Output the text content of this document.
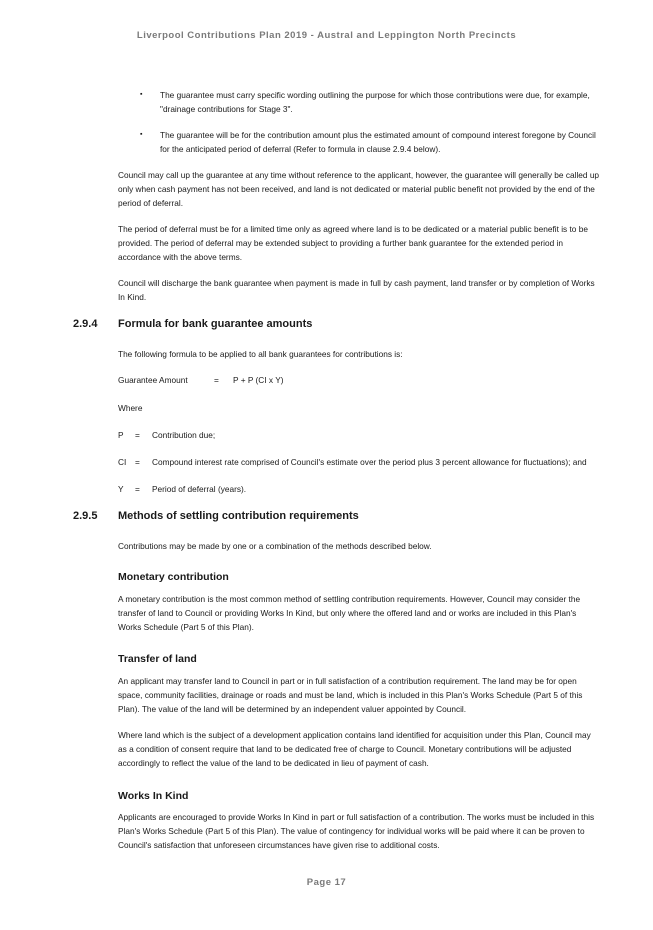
Liverpool Contributions Plan 2019 - Austral and Leppington North Precincts
▪ The guarantee must carry specific wording outlining the purpose for which those contributions were due, for example, "drainage contributions for Stage 3".
▪ The guarantee will be for the contribution amount plus the estimated amount of compound interest foregone by Council for the anticipated period of deferral (Refer to formula in clause 2.9.4 below).

Council may call up the guarantee at any time without reference to the applicant, however, the guarantee will generally be called up only when cash payment has not been received, and land is not dedicated or material public benefit not provided by the end of the period of deferral.

The period of deferral must be for a limited time only as agreed where land is to be dedicated or a material public benefit is to be provided. The period of deferral may be extended subject to providing a further bank guarantee for the extended period in accordance with the above terms.

Council will discharge the bank guarantee when payment is made in full by cash payment, land transfer or by completion of Works In Kind.

2.9.4 Formula for bank guarantee amounts
The following formula to be applied to all bank guarantees for contributions is:
Guarantee Amount	= P + P (CI x Y)
Where
P = Contribution due;
CI = Compound interest rate comprised of Council's estimate over the period plus 3 percent allowance for fluctuations); and
Y = Period of deferral (years).
2.9.5 Methods of settling contribution requirements
Contributions may be made by one or a combination of the methods described below.
Monetary contribution

A monetary contribution is the most common method of settling contribution requirements. However, Council may consider the transfer of land to Council or providing Works In Kind, but only where the offered land and or works are included in this Plan's Works Schedule (Part 5 of this Plan).

Transfer of land

An applicant may transfer land to Council in part or in full satisfaction of a contribution requirement. The land may be for open space, community facilities, drainage or roads and must be land, which is included in this Plan's Works Schedule (Part 5 of this Plan). The value of the land will be determined by an independent valuer appointed by Council.

Where land which is the subject of a development application contains land identified for acquisition under this Plan, Council may as a condition of consent require that land to be dedicated free of charge to Council. Monetary contributions will be adjusted accordingly to reflect the value of the land to be dedicated in lieu of payment of cash.

Works In Kind

Applicants are encouraged to provide Works In Kind in part or full satisfaction of a contribution. The works must be included in this Plan's Works Schedule (Part 5 of this Plan). The value of contingency for individual works will be paid where it can be proven to Council's satisfaction that unforeseen circumstances have given rise to additional costs.

Page 17
